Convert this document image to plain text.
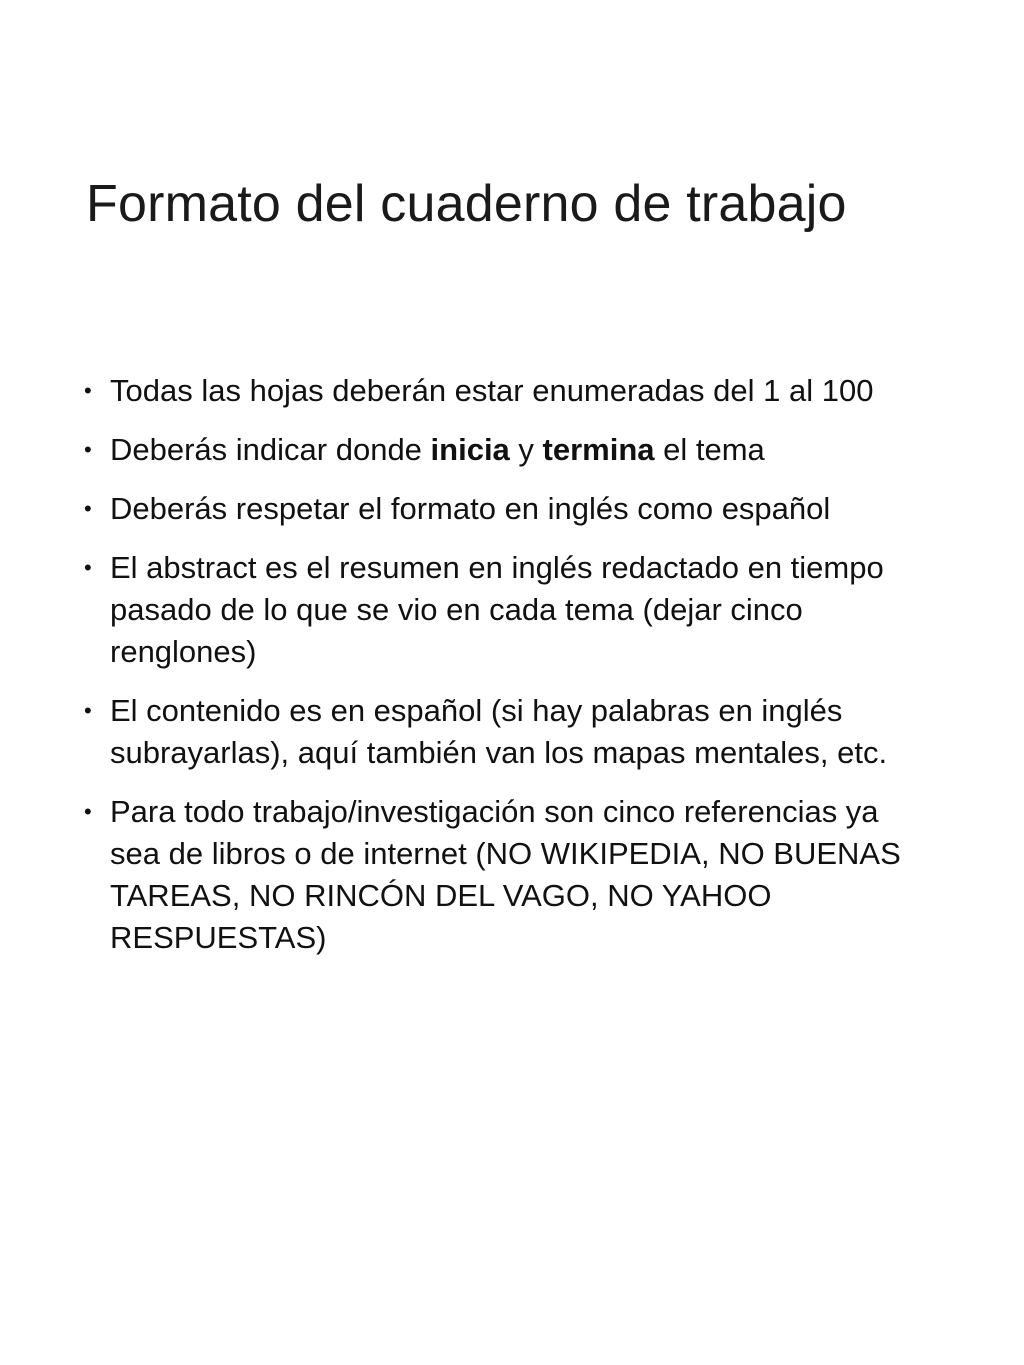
Formato del cuaderno de trabajo
• Todas las hojas deberán estar enumeradas del 1 al 100
• Deberás indicar donde inicia y termina el tema
• Deberás respetar el formato en inglés como español
• El abstract es el resumen en inglés redactado en tiempo pasado de lo que se vio en cada tema (dejar cinco renglones)
• El contenido es en español (si hay palabras en inglés subrayarlas), aquí también van los mapas mentales, etc.
• Para todo trabajo/investigación son cinco referencias ya sea de libros o de internet (NO WIKIPEDIA, NO BUENAS TAREAS, NO RINCÓN DEL VAGO, NO YAHOO RESPUESTAS)
